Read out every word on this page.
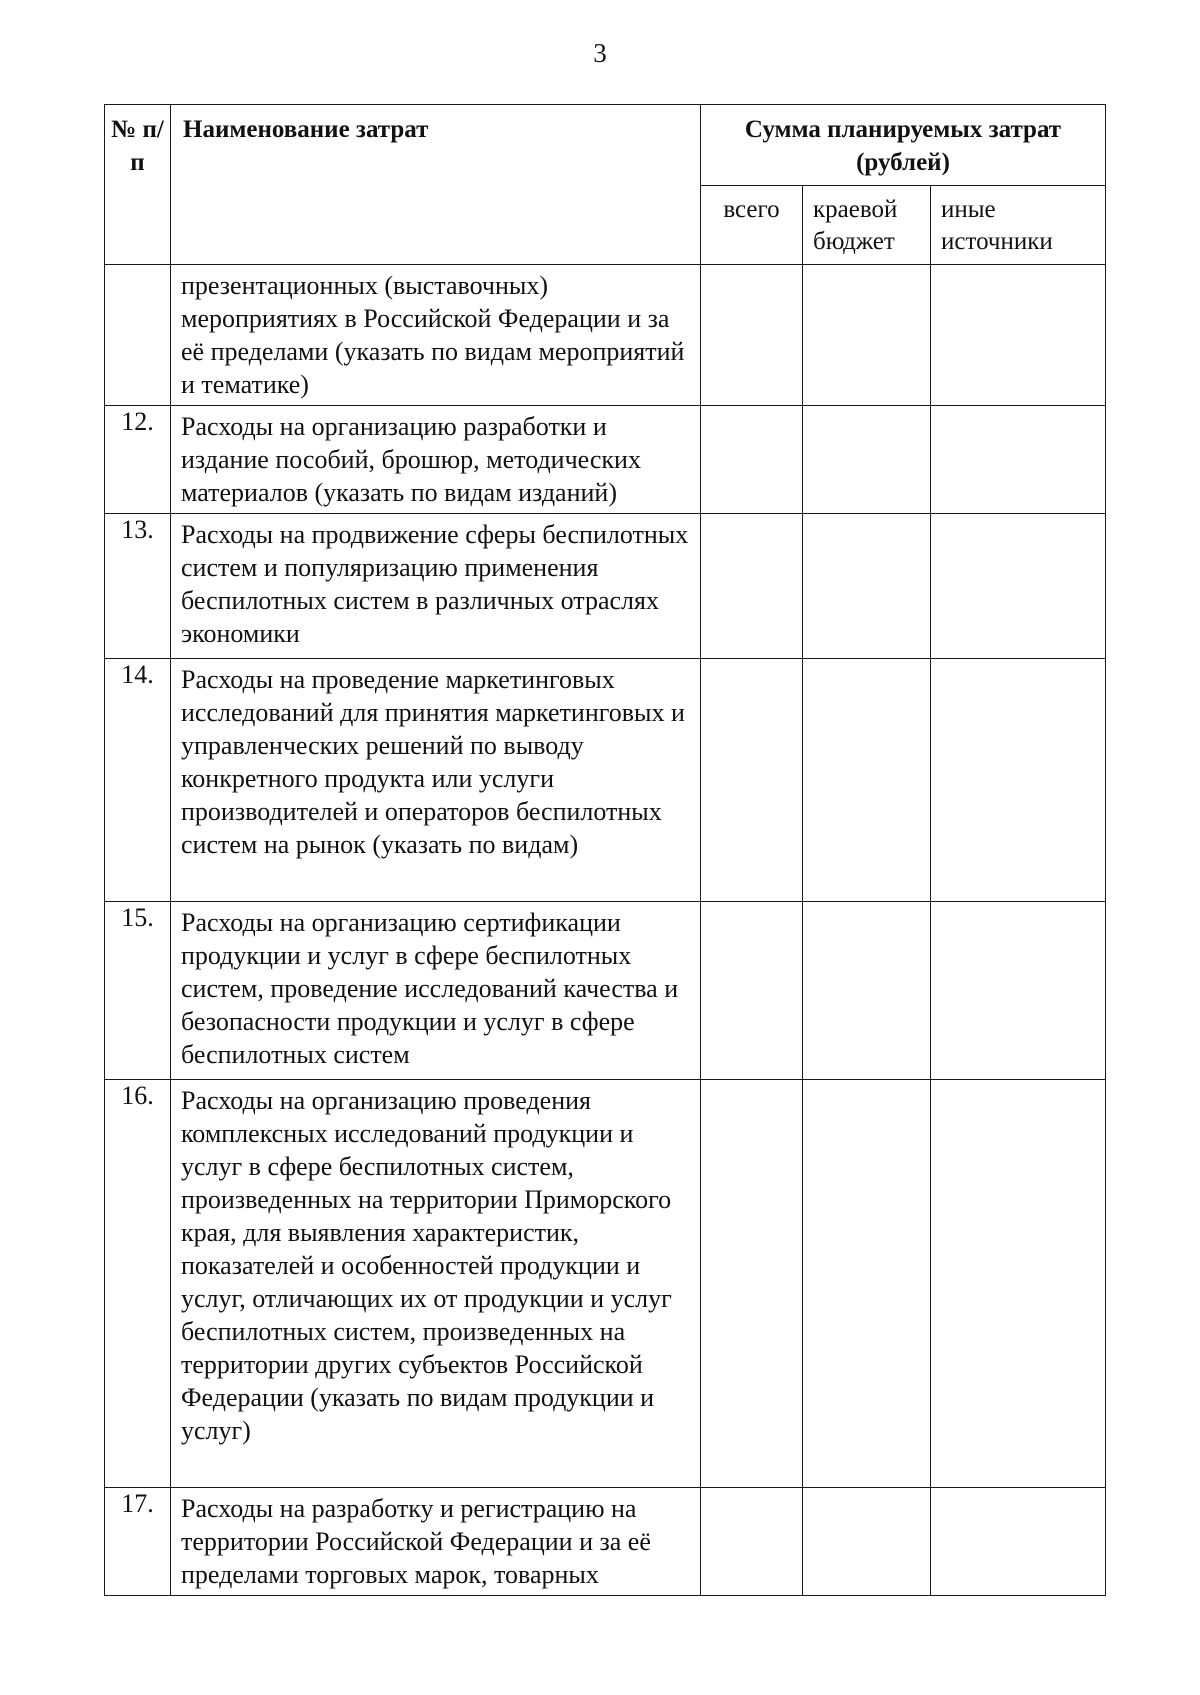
3
№ п/п	Наименование затрат	Сумма планируемых затрат (рублей)		
		всего	краевой бюджет	иные источники
	презентационных (выставочных) мероприятиях в Российской Федерации и за её пределами (указать по видам мероприятий и тематике)			
12.	Расходы на организацию разработки и издание пособий, брошюр, методических материалов (указать по видам изданий)			
13.	Расходы на продвижение сферы беспилотных систем и популяризацию применения беспилотных систем в различных отраслях экономики			
14.	Расходы на проведение маркетинговых исследований для принятия маркетинговых и управленческих решений по выводу конкретного продукта или услуги производителей и операторов беспилотных систем на рынок (указать по видам)			
15.	Расходы на организацию сертификации продукции и услуг в сфере беспилотных систем, проведение исследований качества и безопасности продукции и услуг в сфере беспилотных систем			
16.	Расходы на организацию проведения комплексных исследований продукции и услуг в сфере беспилотных систем, произведенных на территории Приморского края, для выявления характеристик, показателей и особенностей продукции и услуг, отличающих их от продукции и услуг беспилотных систем, произведенных на территории других субъектов Российской Федерации (указать по видам продукции и услуг)			
17.	Расходы на разработку и регистрацию на территории Российской Федерации и за её пределами торговых марок, товарных			
